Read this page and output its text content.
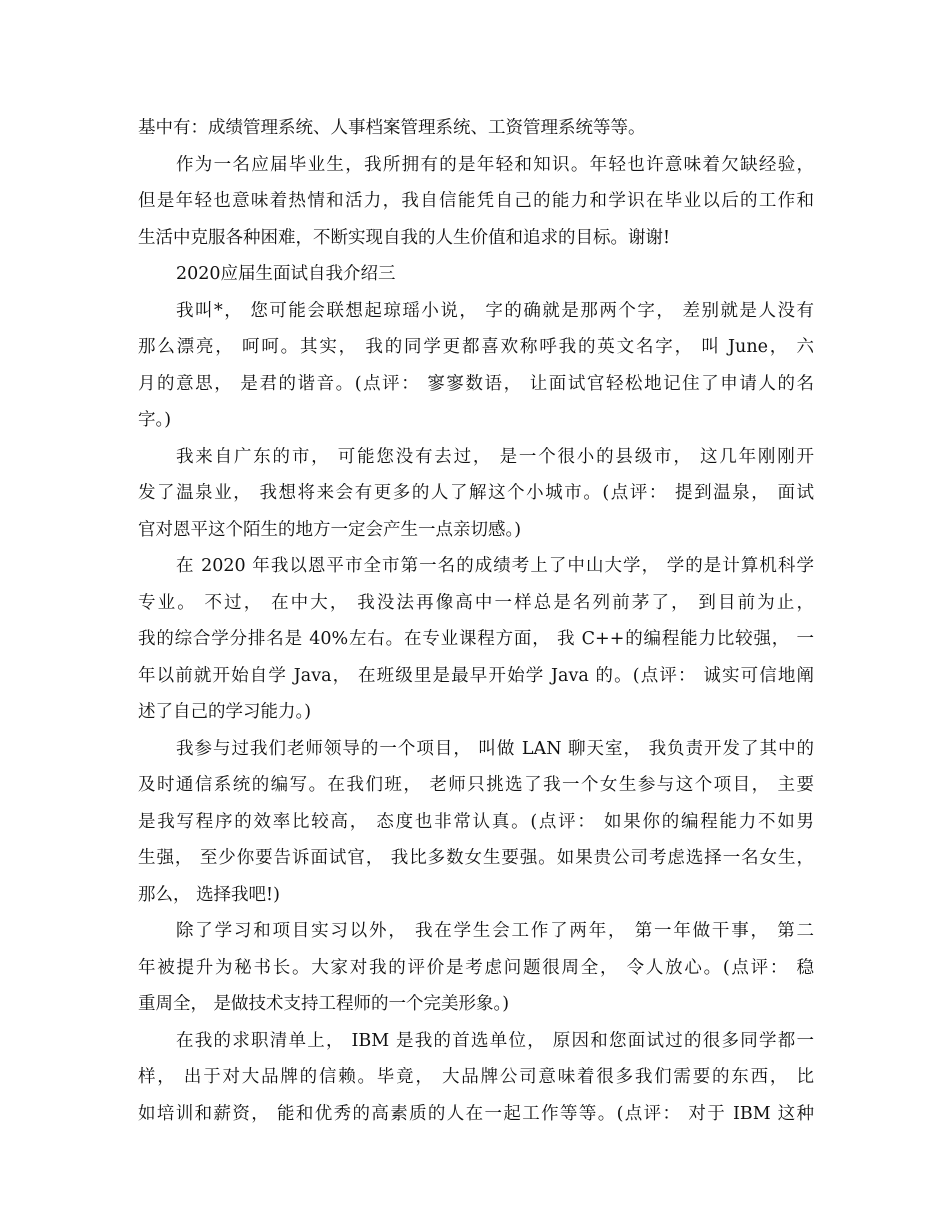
基中有：成绩管理系统、人事档案管理系统、工资管理系统等等。
作为一名应届毕业生，我所拥有的是年轻和知识。年轻也许意味着欠缺经验，
但是年轻也意味着热情和活力，我自信能凭自己的能力和学识在毕业以后的工作和
生活中克服各种困难，不断实现自我的人生价值和追求的目标。谢谢!
2020应届生面试自我介绍三
我叫*， 您可能会联想起琼瑶小说， 字的确就是那两个字， 差别就是人没有
那么漂亮， 呵呵。其实， 我的同学更都喜欢称呼我的英文名字， 叫 June， 六
月的意思， 是君的谐音。(点评： 寥寥数语， 让面试官轻松地记住了申请人的名
字。)
我来自广东的市， 可能您没有去过， 是一个很小的县级市， 这几年刚刚开
发了温泉业， 我想将来会有更多的人了解这个小城市。(点评： 提到温泉， 面试
官对恩平这个陌生的地方一定会产生一点亲切感。)
在 2020 年我以恩平市全市第一名的成绩考上了中山大学， 学的是计算机科学
专业。 不过， 在中大， 我没法再像高中一样总是名列前茅了， 到目前为止，
我的综合学分排名是 40%左右。在专业课程方面， 我 C++的编程能力比较强， 一
年以前就开始自学 Java， 在班级里是最早开始学 Java 的。(点评： 诚实可信地阐
述了自己的学习能力。)
我参与过我们老师领导的一个项目， 叫做 LAN 聊天室， 我负责开发了其中的
及时通信系统的编写。在我们班， 老师只挑选了我一个女生参与这个项目， 主要
是我写程序的效率比较高， 态度也非常认真。(点评： 如果你的编程能力不如男
生强， 至少你要告诉面试官， 我比多数女生要强。如果贵公司考虑选择一名女生，
那么， 选择我吧!)
除了学习和项目实习以外， 我在学生会工作了两年， 第一年做干事， 第二
年被提升为秘书长。大家对我的评价是考虑问题很周全， 令人放心。(点评： 稳
重周全， 是做技术支持工程师的一个完美形象。)
在我的求职清单上， IBM 是我的首选单位， 原因和您面试过的很多同学都一
样， 出于对大品牌的信赖。毕竟， 大品牌公司意味着很多我们需要的东西， 比
如培训和薪资， 能和优秀的高素质的人在一起工作等等。(点评： 对于 IBM 这种
